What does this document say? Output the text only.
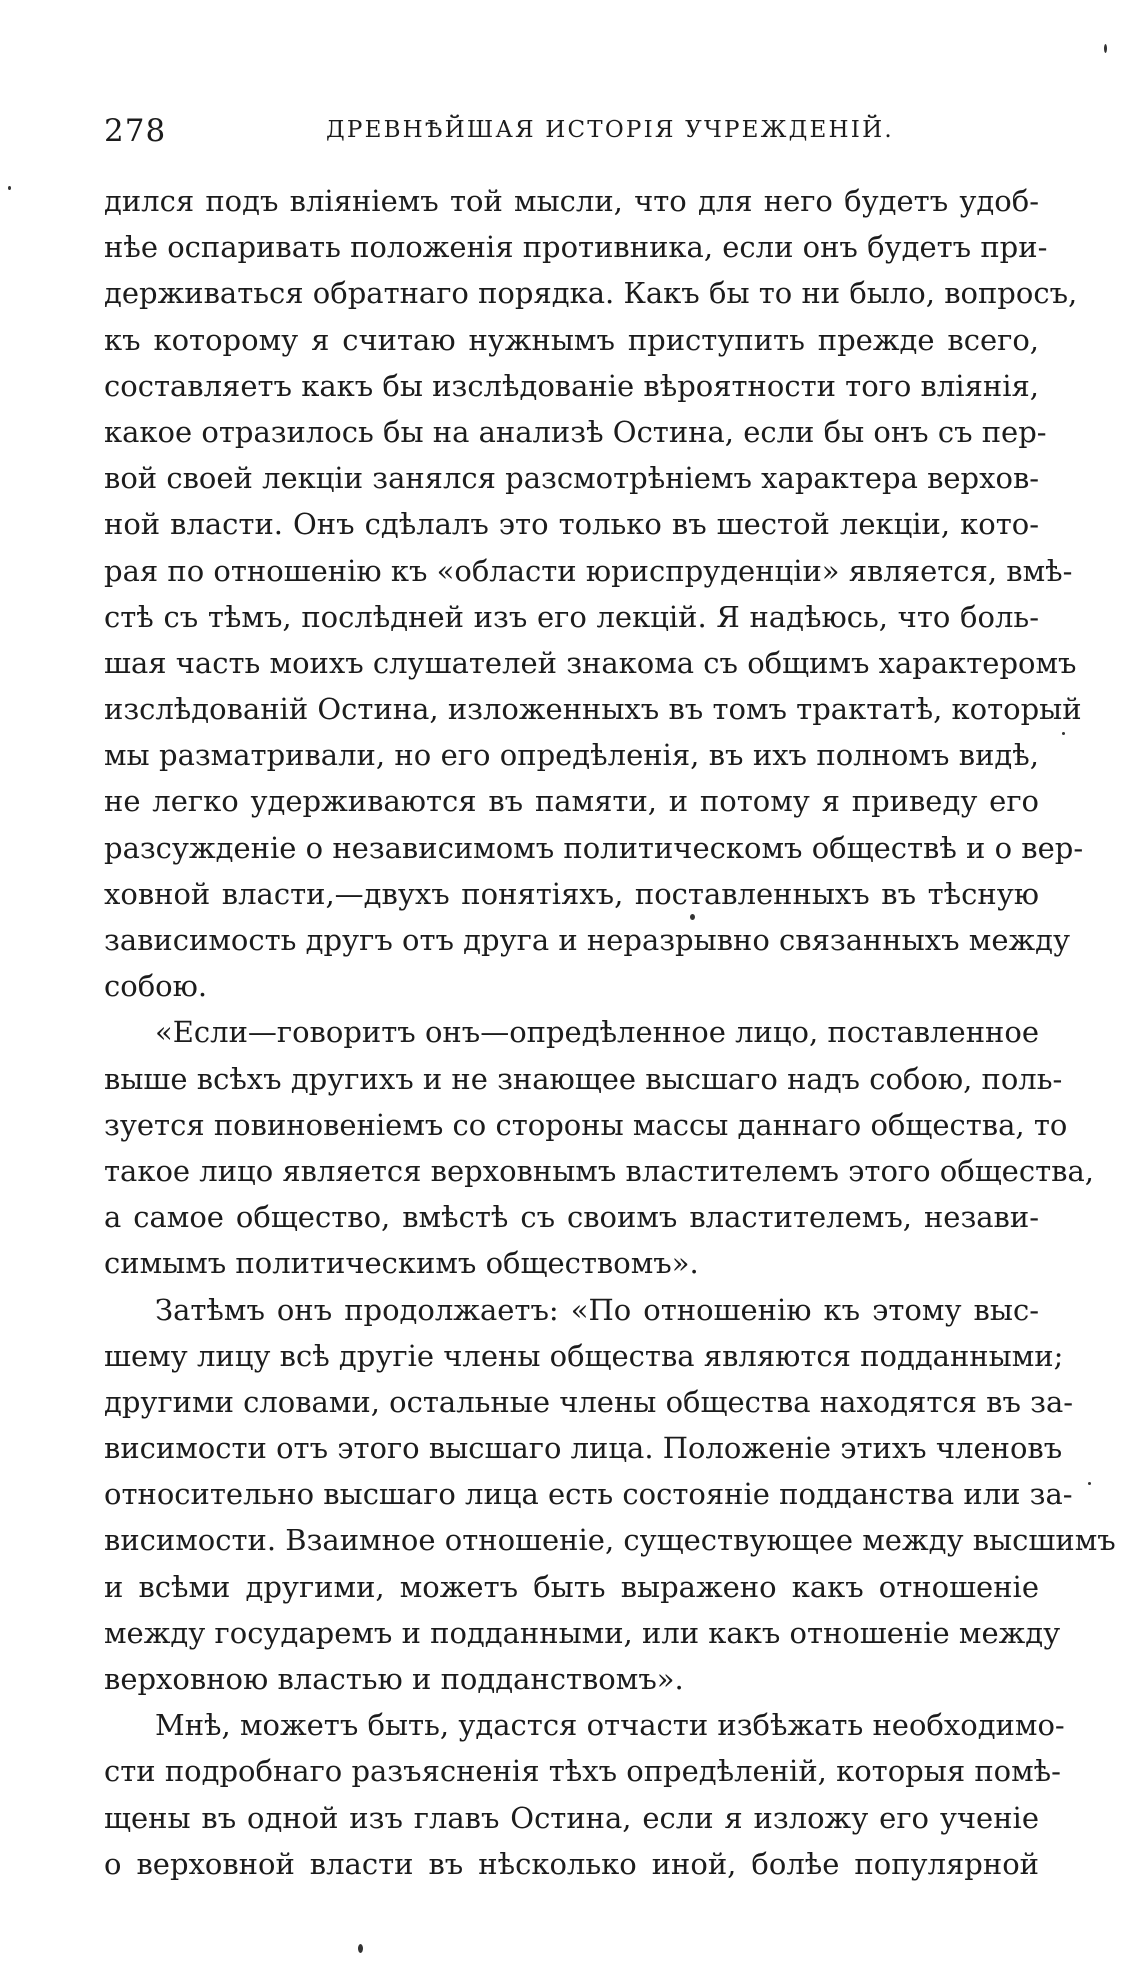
278	ДРЕВНѢЙШАЯ ИСТОРІЯ УЧРЕЖДЕНІЙ.
дился подъ вліяніемъ той мысли, что для него будетъ удоб-
нѣе оспаривать положенія противника, если онъ будетъ при-
держиваться обратнаго порядка. Какъ бы то ни было, вопросъ,
къ которому я считаю нужнымъ приступить прежде всего,
составляетъ какъ бы изслѣдованіе вѣроятности того вліянія,
какое отразилось бы на анализѣ Остина, если бы онъ съ пер-
вой своей лекціи занялся разсмотрѣніемъ характера верхов-
ной власти. Онъ сдѣлалъ это только въ шестой лекціи, кото-
рая по отношенію къ «области юриспруденціи» является, вмѣ-
стѣ съ тѣмъ, послѣдней изъ его лекцій. Я надѣюсь, что боль-
шая часть моихъ слушателей знакома съ общимъ характеромъ
изслѣдованій Остина, изложенныхъ въ томъ трактатѣ, который
мы разматривали, но его опредѣленія, въ ихъ полномъ видѣ,
не легко удерживаются въ памяти, и потому я приведу его
разсужденіе о независимомъ политическомъ обществѣ и о вер-
ховной власти,—двухъ понятіяхъ, поставленныхъ въ тѣсную
зависимость другъ отъ друга и неразрывно связанныхъ между
собою.
«Если—говоритъ онъ—опредѣленное лицо, поставленное
выше всѣхъ другихъ и не знающее высшаго надъ собою, поль-
зуется повиновеніемъ со стороны массы даннаго общества, то
такое лицо является верховнымъ властителемъ этого общества,
а самое общество, вмѣстѣ съ своимъ властителемъ, незави-
симымъ политическимъ обществомъ».
Затѣмъ онъ продолжаетъ: «По отношенію къ этому выс-
шему лицу всѣ другіе члены общества являются подданными;
другими словами, остальные члены общества находятся въ за-
висимости отъ этого высшаго лица. Положеніе этихъ членовъ
относительно высшаго лица есть состояніе подданства или за-
висимости. Взаимное отношеніе, существующее между высшимъ
и всѣми другими, можетъ быть выражено какъ отношеніе
между государемъ и подданными, или какъ отношеніе между
верховною властью и подданствомъ».
Мнѣ, можетъ быть, удастся отчасти избѣжать необходимо-
сти подробнаго разъясненія тѣхъ опредѣленій, которыя помѣ-
щены въ одной изъ главъ Остина, если я изложу его ученіе
о верховной власти въ нѣсколько иной, болѣе популярной
